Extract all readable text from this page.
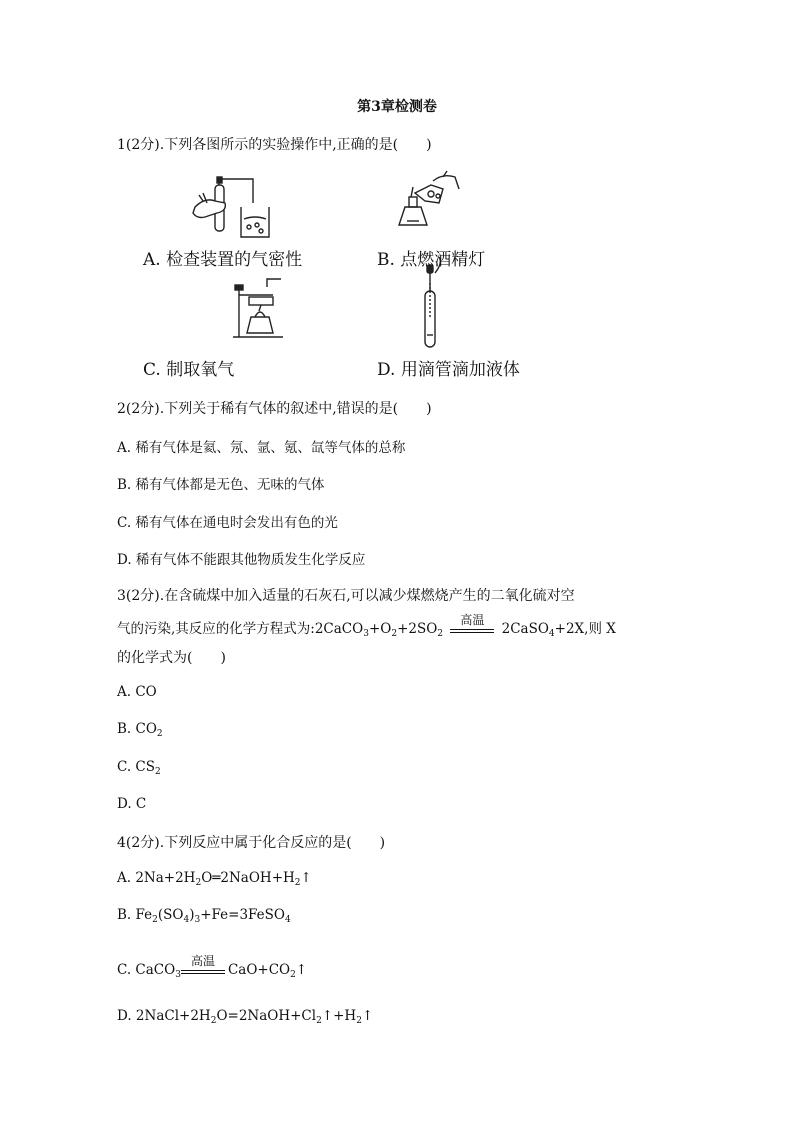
第3章检测卷
1(2分).下列各图所示的实验操作中,正确的是(　　)
A. 检查装置的气密性	B. 点燃酒精灯
C. 制取氧气	D. 用滴管滴加液体
2(2分).下列关于稀有气体的叙述中,错误的是(　　)
A. 稀有气体是氦、氖、氩、氪、氙等气体的总称
B. 稀有气体都是无色、无味的气体
C. 稀有气体在通电时会发出有色的光
D. 稀有气体不能跟其他物质发生化学反应
3(2分).在含硫煤中加入适量的石灰石,可以减少煤燃烧产生的二氧化硫对空
气的污染,其反应的化学方程式为$:2CaCO_3+O_2+2SO_2$
高温
2CaSO$_4$+2X,则 X
的化学式为(　　)
A. CO
B. $CO_2$
C. $CS_2$
D. C
4(2分).下列反应中属于化合反应的是(　　)
A. $2Na+2H_2O═2NaOH+H_2↑$
B. $Fe_2(SO_4)_3+Fe=3FeSO_4$
C. CaCO$_3$
高温
$CaO+CO_2↑$
D. $2NaCl+2H_2O=2NaOH+Cl_2↑+H_2↑$
